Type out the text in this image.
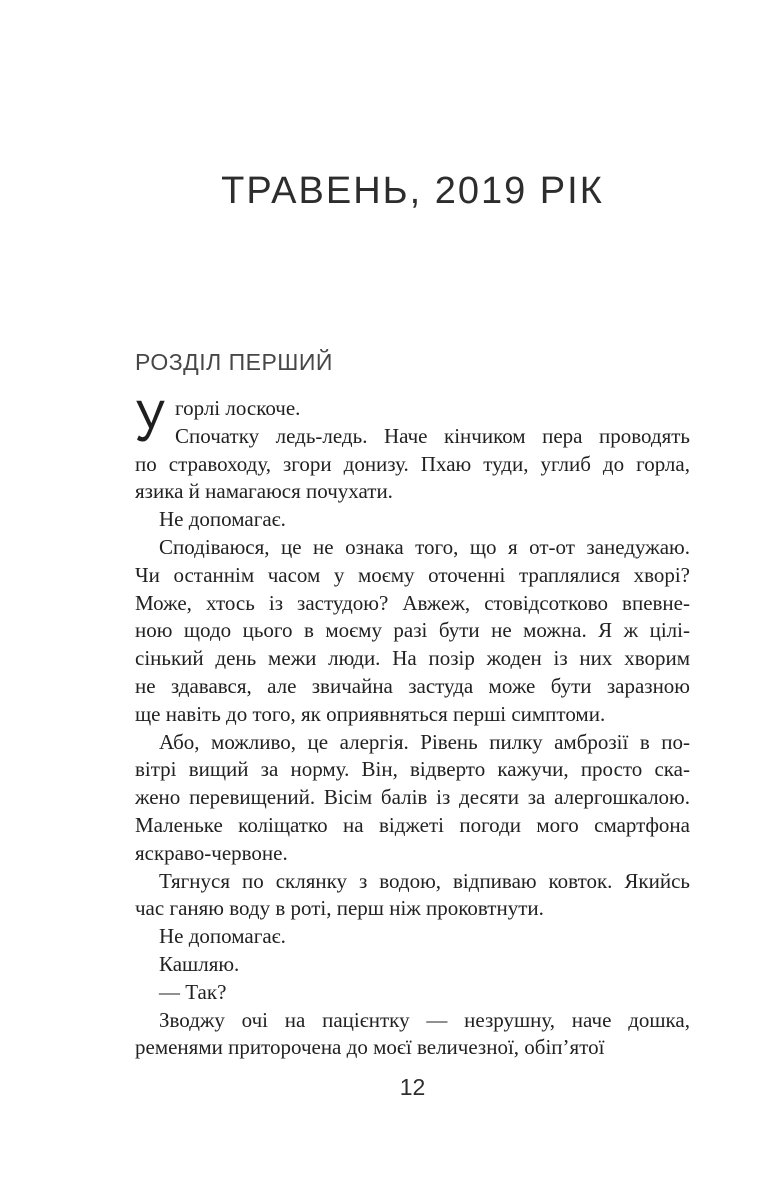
ТРАВЕНЬ, 2019 РІК
РОЗДІЛ ПЕРШИЙ
У горлі лоскоче.
Спочатку ледь-ледь. Наче кінчиком пера проводять
по стравоходу, згори донизу. Пхаю туди, углиб до горла,
язика й намагаюся почухати.
Не допомагає.
Сподіваюся, це не ознака того, що я от-от занедужаю.
Чи останнім часом у моєму оточенні траплялися хворі?
Може, хтось із застудою? Авжеж, стовідсотково впевне-
ною щодо цього в моєму разі бути не можна. Я ж цілі-
сінький день межи люди. На позір жоден із них хворим
не здавався, але звичайна застуда може бути заразною
ще навіть до того, як оприявняться перші симптоми.
Або, можливо, це алергія. Рівень пилку амброзії в по-
вітрі вищий за норму. Він, відверто кажучи, просто ска-
жено перевищений. Вісім балів із десяти за алергошкалою.
Маленьке коліщатко на віджеті погоди мого смартфона
яскраво-червоне.
Тягнуся по склянку з водою, відпиваю ковток. Якийсь
час ганяю воду в роті, перш ніж проковтнути.
Не допомагає.
Кашляю.
— Так?
Зводжу очі на пацієнтку — незрушну, наче дошка,
ременями приторочена до моєї величезної, обіп’ятої
12
